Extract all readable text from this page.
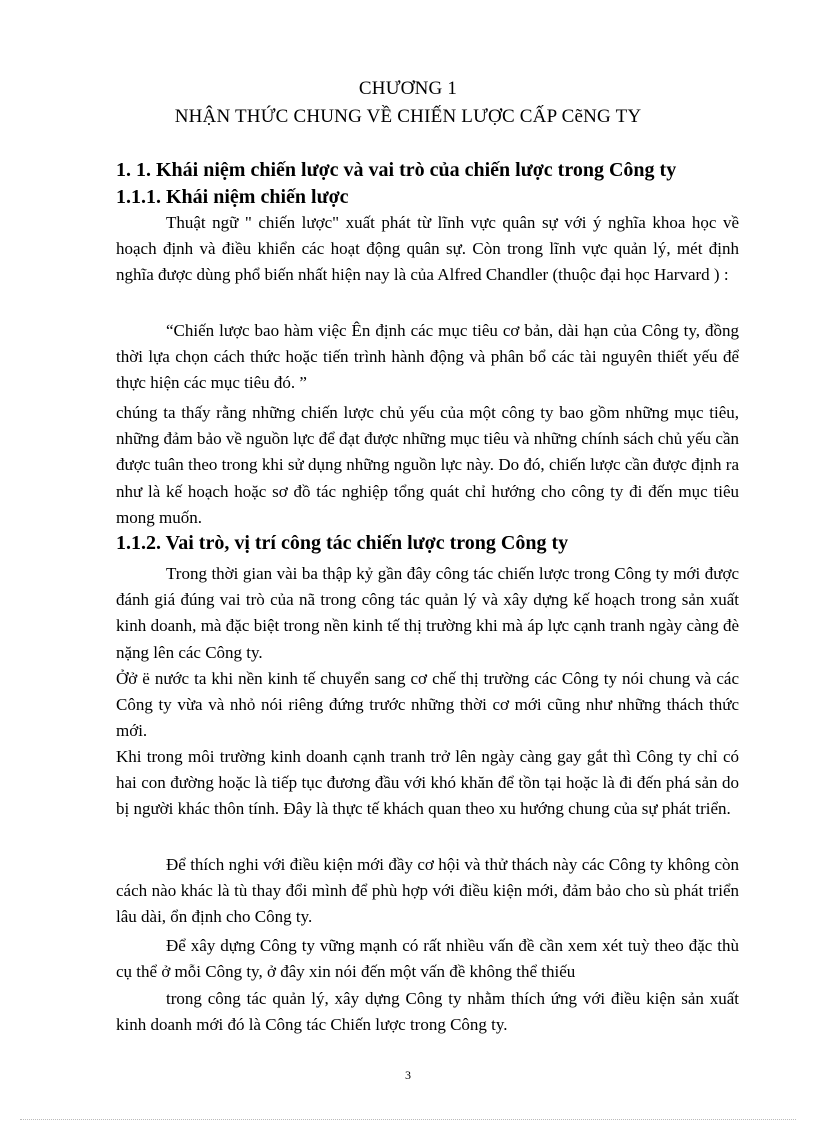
CHƯƠNG 1
NHẬN THỨC CHUNG VỀ CHIẾN LƯỢC CẤP CẽNG TY
1. 1. Khái niệm chiến lược và vai trò của chiến lược trong Công ty
1.1.1. Khái niệm chiến lược

Thuật ngữ " chiến lược" xuất phát từ lĩnh vực quân sự với ý nghĩa khoa học về hoạch định và điều khiển các hoạt động quân sự. Còn trong lĩnh vực quản lý, mét định nghĩa được dùng phổ biến nhất hiện nay là của Alfred Chandler (thuộc đại học Harvard ) :

“Chiến lược bao hàm việc Ên định các mục tiêu cơ bản, dài hạn của Công ty, đồng thời lựa chọn cách thức hoặc tiến trình hành động và phân bổ các tài nguyên thiết yếu để thực hiện các mục tiêu đó. ”

chúng ta thấy rằng những chiến lược chủ yếu của một công ty bao gồm những mục tiêu, những đảm bảo về nguồn lực để đạt được những mục tiêu và những chính sách chủ yếu cần được tuân theo trong khi sử dụng những nguồn lực này. Do đó, chiến lược cần được định ra như là kế hoạch hoặc sơ đồ tác nghiệp tổng quát chỉ hướng cho công ty đi đến mục tiêu mong muốn.

1.1.2. Vai trò, vị trí công tác chiến lược trong Công ty

Trong thời gian vài ba thập kỷ gần đây công tác chiến lược trong Công ty mới được đánh giá đúng vai trò của nã trong công tác quản lý và xây dựng kế hoạch trong sản xuất kinh doanh, mà đặc biệt trong nền kinh tế thị trường khi mà áp lực cạnh tranh ngày càng đè nặng lên các Công ty.

Ởở ë nước ta khi nền kinh tế chuyển sang cơ chế thị trường các Công ty nói chung và các Công ty vừa và nhỏ nói riêng đứng trước những thời cơ mới cũng như những thách thức mới.

Khi trong môi trường kinh doanh cạnh tranh trở lên ngày càng gay gắt thì Công ty chỉ có hai con đường hoặc là tiếp tục đương đầu với khó khăn để tồn tại hoặc là đi đến phá sản do bị người khác thôn tính. Đây là thực tế khách quan theo xu hướng chung của sự phát triển.

Để thích nghi với điều kiện mới đầy cơ hội và thử thách này các Công ty không còn cách nào khác là tù thay đổi mình để phù hợp với điều kiện mới, đảm bảo cho sù phát triển lâu dài, ổn định cho Công ty.

Để xây dựng Công ty vững mạnh có rất nhiều vấn đề cần xem xét tuỳ theo đặc thù cụ thể ở mỗi Công ty, ở đây xin nói đến một vấn đề không thể thiếu

trong công tác quản lý, xây dựng Công ty nhằm thích ứng với điều kiện sản xuất kinh doanh mới đó là Công tác Chiến lược trong Công ty.

3
